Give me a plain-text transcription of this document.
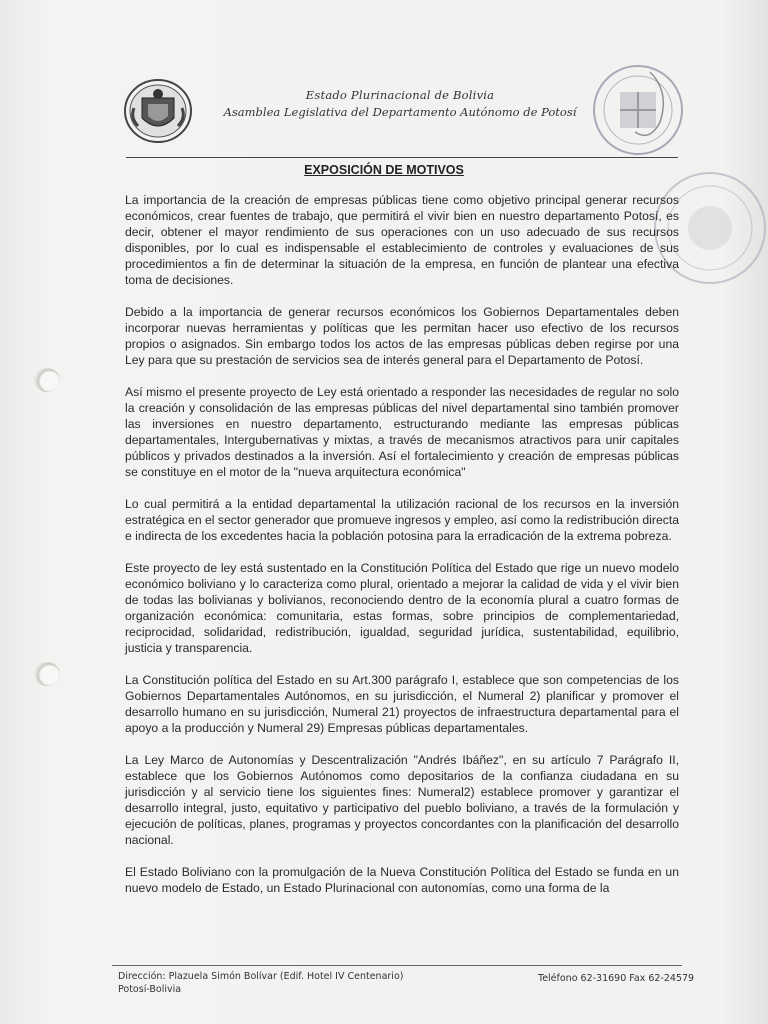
Estado Plurinacional de Bolivia
Asamblea Legislativa del Departamento Autónomo de Potosí
EXPOSICIÓN DE MOTIVOS

La importancia de la creación de empresas públicas tiene como objetivo principal generar recursos económicos, crear fuentes de trabajo, que permitirá el vivir bien en nuestro departamento Potosí, es decir, obtener el mayor rendimiento de sus operaciones con un uso adecuado de sus recursos disponibles, por lo cual es indispensable el establecimiento de controles y evaluaciones de sus procedimientos a fin de determinar la situación de la empresa, en función de plantear una efectiva toma de decisiones.

Debido a la importancia de generar recursos económicos los Gobiernos Departamentales deben incorporar nuevas herramientas y políticas que les permitan hacer uso efectivo de los recursos propios o asignados. Sin embargo todos los actos de las empresas públicas deben regirse por una Ley para que su prestación de servicios sea de interés general para el Departamento de Potosí.

Así mismo el presente proyecto de Ley está orientado a responder las necesidades de regular no solo la creación y consolidación de las empresas públicas del nivel departamental sino también promover las inversiones en nuestro departamento, estructurando mediante las empresas públicas departamentales, Intergubernativas y mixtas, a través de mecanismos atractivos para unir capitales públicos y privados destinados a la inversión. Así el fortalecimiento y creación de empresas públicas se constituye en el motor de la "nueva arquitectura económica"

Lo cual permitirá a la entidad departamental la utilización racional de los recursos en la inversión estratégica en el sector generador que promueve ingresos y empleo, así como la redistribución directa e indirecta de los excedentes hacia la población potosina para la erradicación de la extrema pobreza.

Este proyecto de ley está sustentado en la Constitución Política del Estado que rige un nuevo modelo económico boliviano y lo caracteriza como plural, orientado a mejorar la calidad de vida y el vivir bien de todas las bolivianas y bolivianos, reconociendo dentro de la economía plural a cuatro formas de organización económica: comunitaria, estas formas, sobre principios de complementariedad, reciprocidad, solidaridad, redistribución, igualdad, seguridad jurídica, sustentabilidad, equilibrio, justicia y transparencia.

La Constitución política del Estado en su Art.300 parágrafo I, establece que son competencias de los Gobiernos Departamentales Autónomos, en su jurisdicción, el Numeral 2) planificar y promover el desarrollo humano en su jurisdicción, Numeral 21) proyectos de infraestructura departamental para el apoyo a la producción y Numeral 29) Empresas públicas departamentales.

La Ley Marco de Autonomías y Descentralización "Andrés Ibáñez", en su artículo 7 Parágrafo II, establece que los Gobiernos Autónomos como depositarios de la confianza ciudadana en su jurisdicción y al servicio tiene los siguientes fines: Numeral2) establece promover y garantizar el desarrollo integral, justo, equitativo y participativo del pueblo boliviano, a través de la formulación y ejecución de políticas, planes, programas y proyectos concordantes con la planificación del desarrollo nacional.

El Estado Boliviano con la promulgación de la Nueva Constitución Política del Estado se funda en un nuevo modelo de Estado, un Estado Plurinacional con autonomías, como una forma de la

Dirección: Plazuela Simón Bolívar (Edif. Hotel IV Centenario)
Potosí-Bolivia
Teléfono 62-31690 Fax 62-24579
